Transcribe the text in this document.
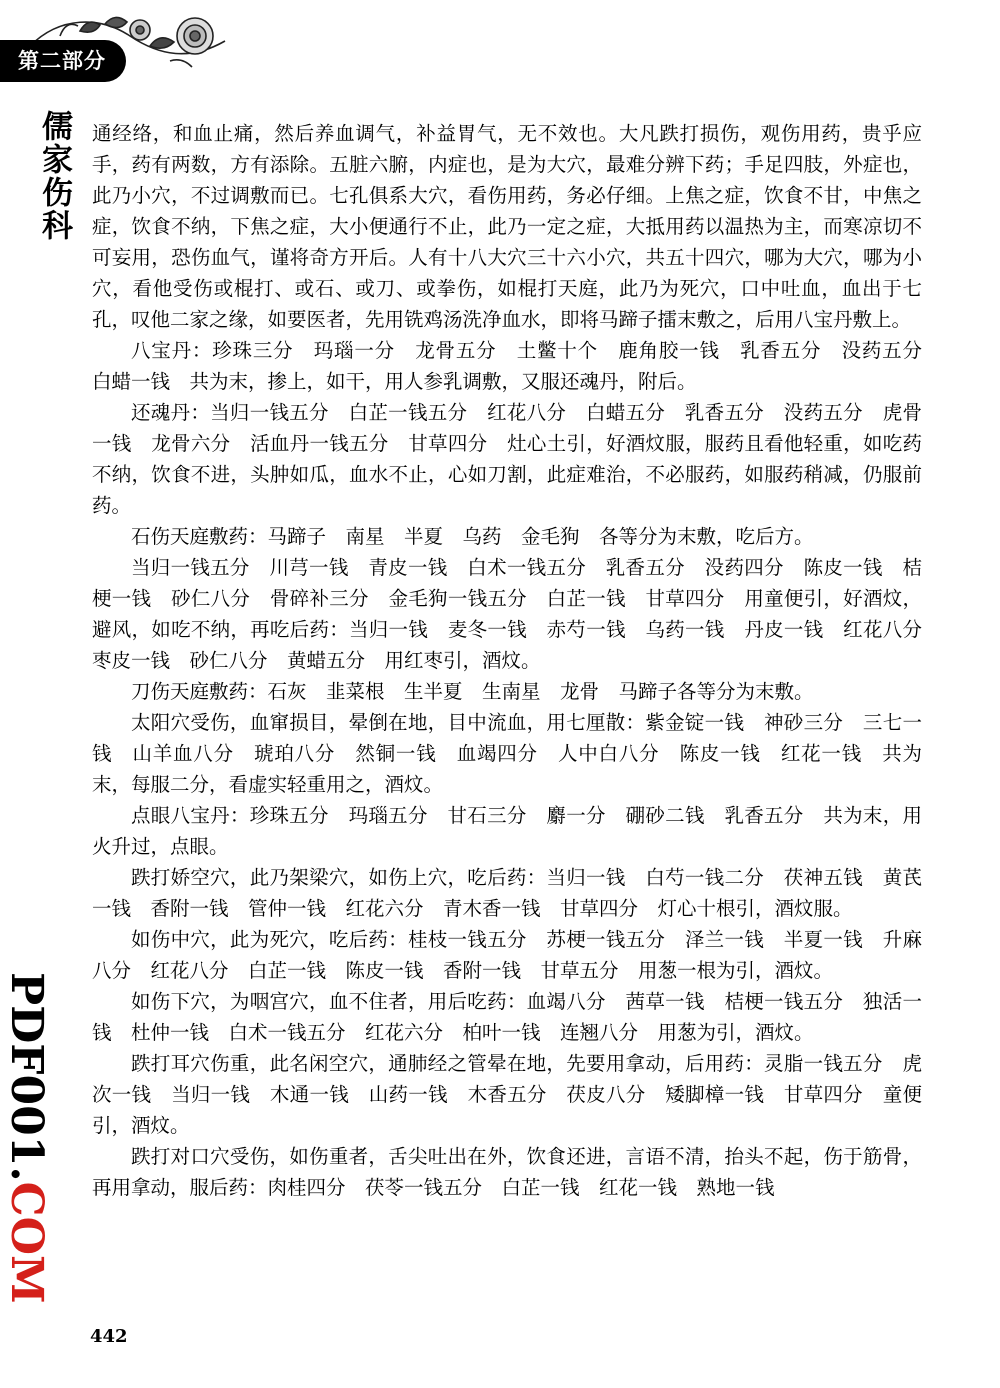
第二部分
儒家伤科
PDF001.COM

通经络，和血止痛，然后养血调气，补益胃气，无不效也。大凡跌打损伤，观伤用药，贵乎应手，药有两数，方有添除。五脏六腑，内症也，是为大穴，最难分辨下药；手足四肢，外症也，此乃小穴，不过调敷而已。七孔俱系大穴，看伤用药，务必仔细。上焦之症，饮食不甘，中焦之症，饮食不纳，下焦之症，大小便通行不止，此乃一定之症，大抵用药以温热为主，而寒凉切不可妄用，恐伤血气，谨将奇方开后。人有十八大穴三十六小穴，共五十四穴，哪为大穴，哪为小穴，看他受伤或棍打、或石、或刀、或拳伤，如棍打天庭，此乃为死穴，口中吐血，血出于七孔，叹他二家之缘，如要医者，先用铣鸡汤洗净血水，即将马蹄子擂末敷之，后用八宝丹敷上。

八宝丹：珍珠三分　玛瑙一分　龙骨五分　土鳖十个　鹿角胶一钱　乳香五分　没药五分　白蜡一钱　共为末，掺上，如干，用人参乳调敷，又服还魂丹，附后。

还魂丹：当归一钱五分　白芷一钱五分　红花八分　白蜡五分　乳香五分　没药五分　虎骨一钱　龙骨六分　活血丹一钱五分　甘草四分　灶心土引，好酒炆服，服药且看他轻重，如吃药不纳，饮食不进，头肿如瓜，血水不止，心如刀割，此症难治，不必服药，如服药稍减，仍服前药。

石伤天庭敷药：马蹄子　南星　半夏　乌药　金毛狗　各等分为末敷，吃后方。

当归一钱五分　川芎一钱　青皮一钱　白术一钱五分　乳香五分　没药四分　陈皮一钱　桔梗一钱　砂仁八分　骨碎补三分　金毛狗一钱五分　白芷一钱　甘草四分　用童便引，好酒炆，避风，如吃不纳，再吃后药：当归一钱　麦冬一钱　赤芍一钱　乌药一钱　丹皮一钱　红花八分　枣皮一钱　砂仁八分　黄蜡五分　用红枣引，酒炆。

刀伤天庭敷药：石灰　韭菜根　生半夏　生南星　龙骨　马蹄子各等分为末敷。

太阳穴受伤，血窜损目，晕倒在地，目中流血，用七厘散：紫金锭一钱　神砂三分　三七一钱　山羊血八分　琥珀八分　然铜一钱　血竭四分　人中白八分　陈皮一钱　红花一钱　共为末，每服二分，看虚实轻重用之，酒炆。

点眼八宝丹：珍珠五分　玛瑙五分　甘石三分　麝一分　硼砂二钱　乳香五分　共为末，用火升过，点眼。

跌打娇空穴，此乃架梁穴，如伤上穴，吃后药：当归一钱　白芍一钱二分　茯神五钱　黄芪一钱　香附一钱　管仲一钱　红花六分　青木香一钱　甘草四分　灯心十根引，酒炆服。

如伤中穴，此为死穴，吃后药：桂枝一钱五分　苏梗一钱五分　泽兰一钱　半夏一钱　升麻八分　红花八分　白芷一钱　陈皮一钱　香附一钱　甘草五分　用葱一根为引，酒炆。

如伤下穴，为咽宫穴，血不住者，用后吃药：血竭八分　茜草一钱　桔梗一钱五分　独活一钱　杜仲一钱　白术一钱五分　红花六分　柏叶一钱　连翘八分　用葱为引，酒炆。

跌打耳穴伤重，此名闲空穴，通肺经之管晕在地，先要用拿动，后用药：灵脂一钱五分　虎次一钱　当归一钱　木通一钱　山药一钱　木香五分　茯皮八分　矮脚樟一钱　甘草四分　童便引，酒炆。

跌打对口穴受伤，如伤重者，舌尖吐出在外，饮食还进，言语不清，抬头不起，伤于筋骨，再用拿动，服后药：肉桂四分　茯苓一钱五分　白芷一钱　红花一钱　熟地一钱

442
